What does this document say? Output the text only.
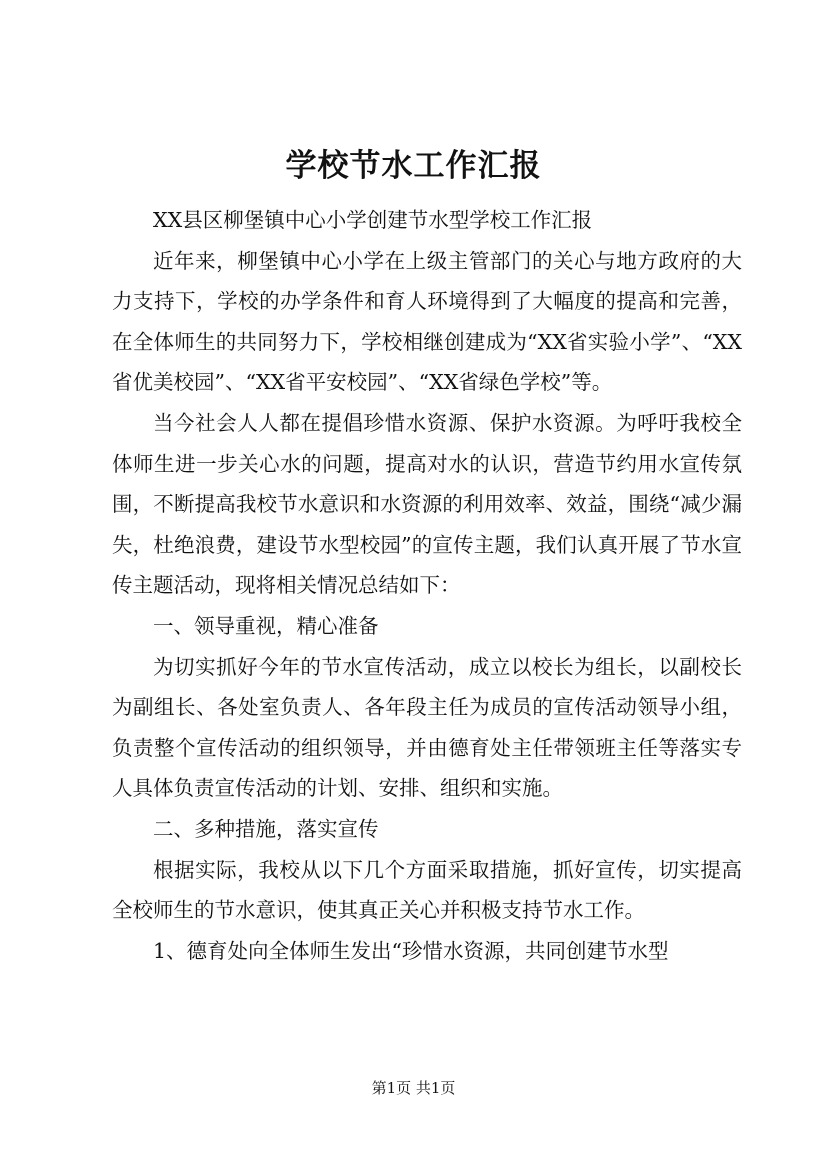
学校节水工作汇报

XX县区柳堡镇中心小学创建节水型学校工作汇报

近年来，柳堡镇中心小学在上级主管部门的关心与地方政府的大力支持下，学校的办学条件和育人环境得到了大幅度的提高和完善，在全体师生的共同努力下，学校相继创建成为“XX省实验小学”、“XX省优美校园”、“XX省平安校园”、“XX省绿色学校”等。

当今社会人人都在提倡珍惜水资源、保护水资源。为呼吁我校全体师生进一步关心水的问题，提高对水的认识，营造节约用水宣传氛围，不断提高我校节水意识和水资源的利用效率、效益，围绕“减少漏失，杜绝浪费，建设节水型校园”的宣传主题，我们认真开展了节水宣传主题活动，现将相关情况总结如下：

一、领导重视，精心准备

为切实抓好今年的节水宣传活动，成立以校长为组长，以副校长为副组长、各处室负责人、各年段主任为成员的宣传活动领导小组，负责整个宣传活动的组织领导，并由德育处主任带领班主任等落实专人具体负责宣传活动的计划、安排、组织和实施。

二、多种措施，落实宣传

根据实际，我校从以下几个方面采取措施，抓好宣传，切实提高全校师生的节水意识，使其真正关心并积极支持节水工作。

1、德育处向全体师生发出“珍惜水资源，共同创建节水型

第1页 共1页
